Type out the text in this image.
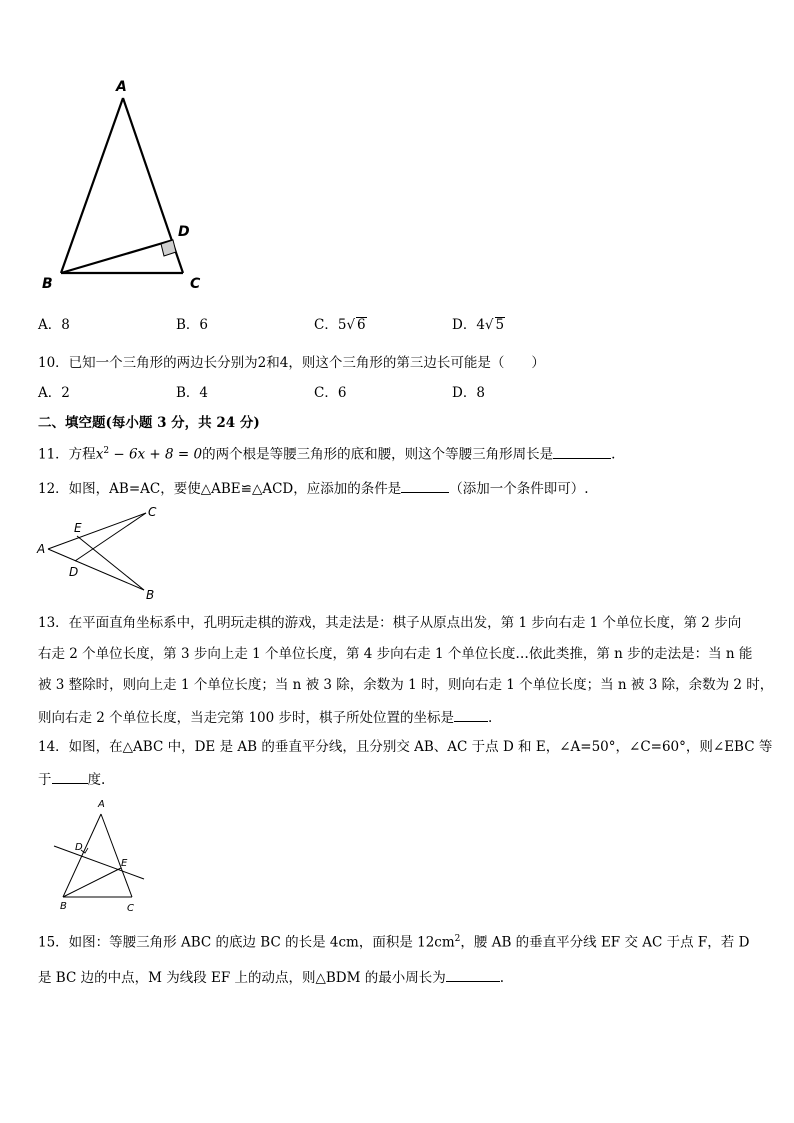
A
B	C
D
A．8	B．6	C．5√ 6	D．4√ 5
10．已知一个三角形的两边长分别为2和4，则这个三角形的第三边长可能是（　　）
A．2	B．4	C．6	D．8
二、填空题(每小题 3 分，共 24 分)
11．方程$x^2 - 6x + 8 = 0$的两个根是等腰三角形的底和腰，则这个等腰三角形周长是	.
12．如图，AB=AC，要使△ABE≌△ACD，应添加的条件是	（添加一个条件即可）.
A
C
B
E
D
13．在平面直角坐标系中，孔明玩走棋的游戏，其走法是：棋子从原点出发，第 1 步向右走 1 个单位长度，第 2 步向
右走 2 个单位长度，第 3 步向上走 1 个单位长度，第 4 步向右走 1 个单位长度…依此类推，第 n 步的走法是：当 n 能
被 3 整除时，则向上走 1 个单位长度；当 n 被 3 除，余数为 1 时，则向右走 1 个单位长度；当 n 被 3 除，余数为 2 时，
则向右走 2 个单位长度，当走完第 100 步时，棋子所处位置的坐标是	.
14．如图，在△ABC 中，DE 是 AB 的垂直平分线，且分别交 AB、AC 于点 D 和 E，∠A=50°，∠C=60°，则∠EBC 等
于	度.
A
D
E
B	C
15．如图：等腰三角形 ABC 的底边 BC 的长是 4cm，面积是 $12cm^2$，腰 AB 的垂直平分线 EF 交 AC 于点 F，若 D
是 BC 边的中点，M 为线段 EF 上的动点，则△BDM 的最小周长为	.
